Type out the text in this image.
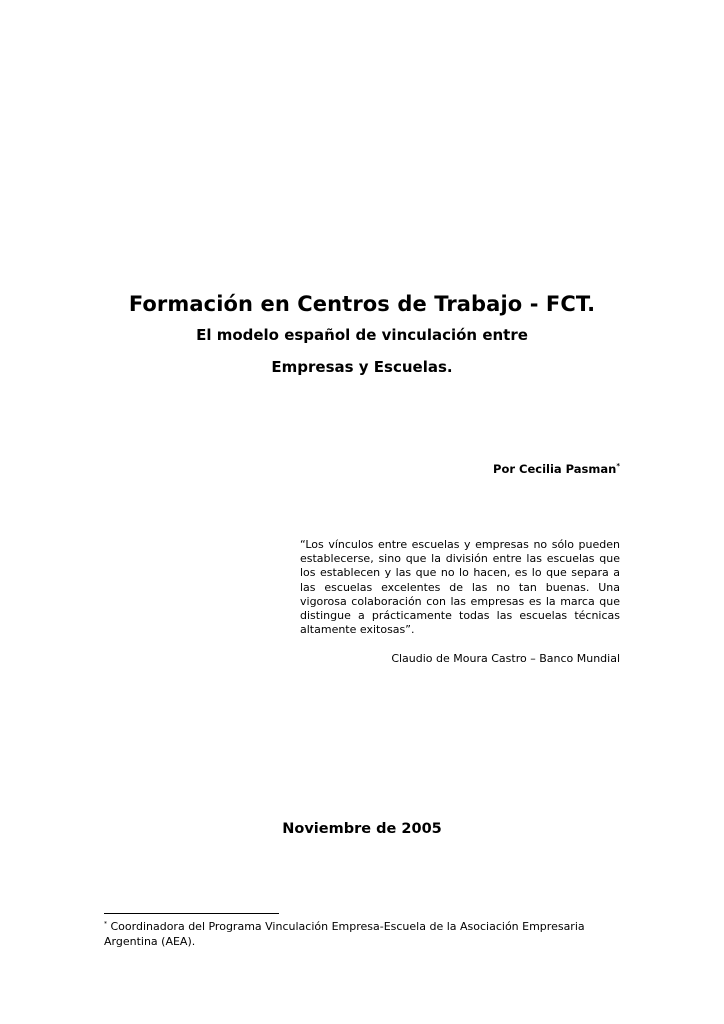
Formación en Centros de Trabajo - FCT.
El modelo español de vinculación entre
Empresas y Escuelas.
Por Cecilia Pasman*
“Los vínculos entre escuelas y empresas no sólo pueden establecerse, sino que la división entre las escuelas que los establecen y las que no lo hacen, es lo que separa a las escuelas excelentes de las no tan buenas. Una vigorosa colaboración con las empresas es la marca que distingue a prácticamente todas las escuelas técnicas altamente exitosas”.
Claudio de Moura Castro – Banco Mundial
Noviembre de 2005
* Coordinadora del Programa Vinculación Empresa-Escuela de la Asociación Empresaria Argentina (AEA).
